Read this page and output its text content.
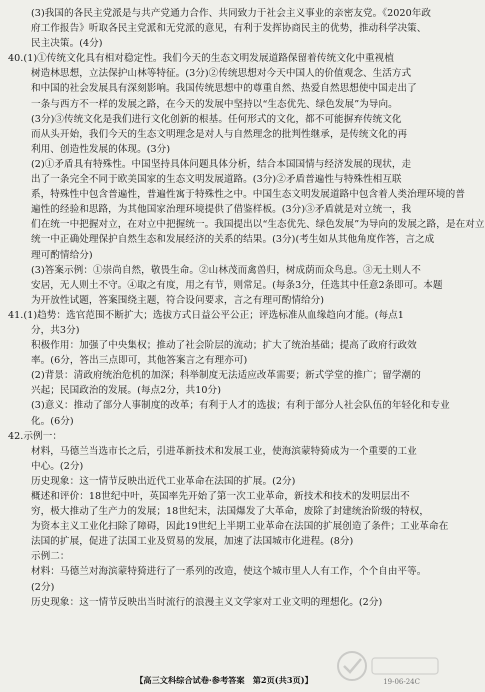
(3)我国的各民主党派是与共产党通力合作、共同致力于社会主义事业的亲密友党。《2020年政
府工作报告》听取各民主党派和无党派的意见，有利于发挥协商民主的优势，推动科学决策、
民主决策。(4分)
40.(1)①传统文化具有相对稳定性。我们今天的生态文明发展道路保留着传统文化中重视植
树造林思想，立法保护山林等特征。(3分)②传统思想对今天中国人的价值观念、生活方式
和中国的社会发展具有深刻影响。我国传统思想中的尊重自然、热爱自然思想使中国走出了
一条与西方不一样的发展之路，在今天的发展中坚持以“生态优先、绿色发展”为导向。
(3分)③传统文化是我们进行文化创新的根基。任何形式的文化，都不可能摒弃传统文化
而从头开始，我们今天的生态文明理念是对人与自然理念的批判性继承，是传统文化的再
利用、创造性发展的体现。(3分)
(2)①矛盾具有特殊性。中国坚持具体问题具体分析，结合本国国情与经济发展的现状，走
出了一条完全不同于欧美国家的生态文明发展道路。(3分)②矛盾普遍性与特殊性相互联
系，特殊性中包含普遍性，普遍性寓于特殊性之中。中国生态文明发展道路中包含着人类治理环境的普
遍性的经验和思路，为其他国家治理环境提供了借鉴样板。(3分)③矛盾就是对立统一，我
们在统一中把握对立，在对立中把握统一。我国提出以“生态优先、绿色发展”为导向的发展之路，是在对立
统一中正确处理保护自然生态和发展经济的关系的结果。(3分)(考生如从其他角度作答，言之成
理可酌情给分)
(3)答案示例：①崇尚自然，敬畏生命。②山林茂而禽兽归，树成荫而众鸟息。③无土则人不
安居，无人则土不守。④取之有度，用之有节，则常足。(每条3分，任选其中任意2条即可。本题
为开放性试题，答案围绕主题，符合设问要求，言之有理可酌情给分)
41.(1)趋势：选官范围不断扩大；选拔方式日益公平公正；评选标准从血缘趋向才能。(每点1
分，共3分)
积极作用：加强了中央集权；推动了社会阶层的流动；扩大了统治基础；提高了政府行政效
率。(6分，答出三点即可，其他答案言之有理亦可)
(2)背景：清政府统治危机的加深；科举制度无法适应改革需要；新式学堂的推广；留学潮的
兴起；民国政治的发展。(每点2分，共10分)
(3)意义：推动了部分人事制度的改革；有利于人才的选拔；有利于部分人社会队伍的年轻化和专业
化。(6分)
42.示例一：
材料，马德兰当选市长之后，引进革新技术和发展工业，使海滨蒙特猗成为一个重要的工业
中心。(2分)
历史现象：这一情节反映出近代工业革命在法国的扩展。(2分)
概述和评价：18世纪中叶，英国率先开始了第一次工业革命，新技术和技术的发明层出不
穷，极大推动了生产力的发展；18世纪末，法国爆发了大革命，废除了封建统治阶级的特权，
为资本主义工业化扫除了障碍，因此19世纪上半期工业革命在法国的扩展创造了条件；工业革命在
法国的扩展，促进了法国工业及贸易的发展，加速了法国城市化进程。(8分)
示例二：
材料：马德兰对海滨蒙特猗进行了一系列的改造，使这个城市里人人有工作，个个自由平等。
(2分)
历史现象：这一情节反映出当时流行的浪漫主义文学家对工业文明的理想化。(2分)
【高三文科综合试卷·参考答案　第2页(共3页)】	19-06-24C
